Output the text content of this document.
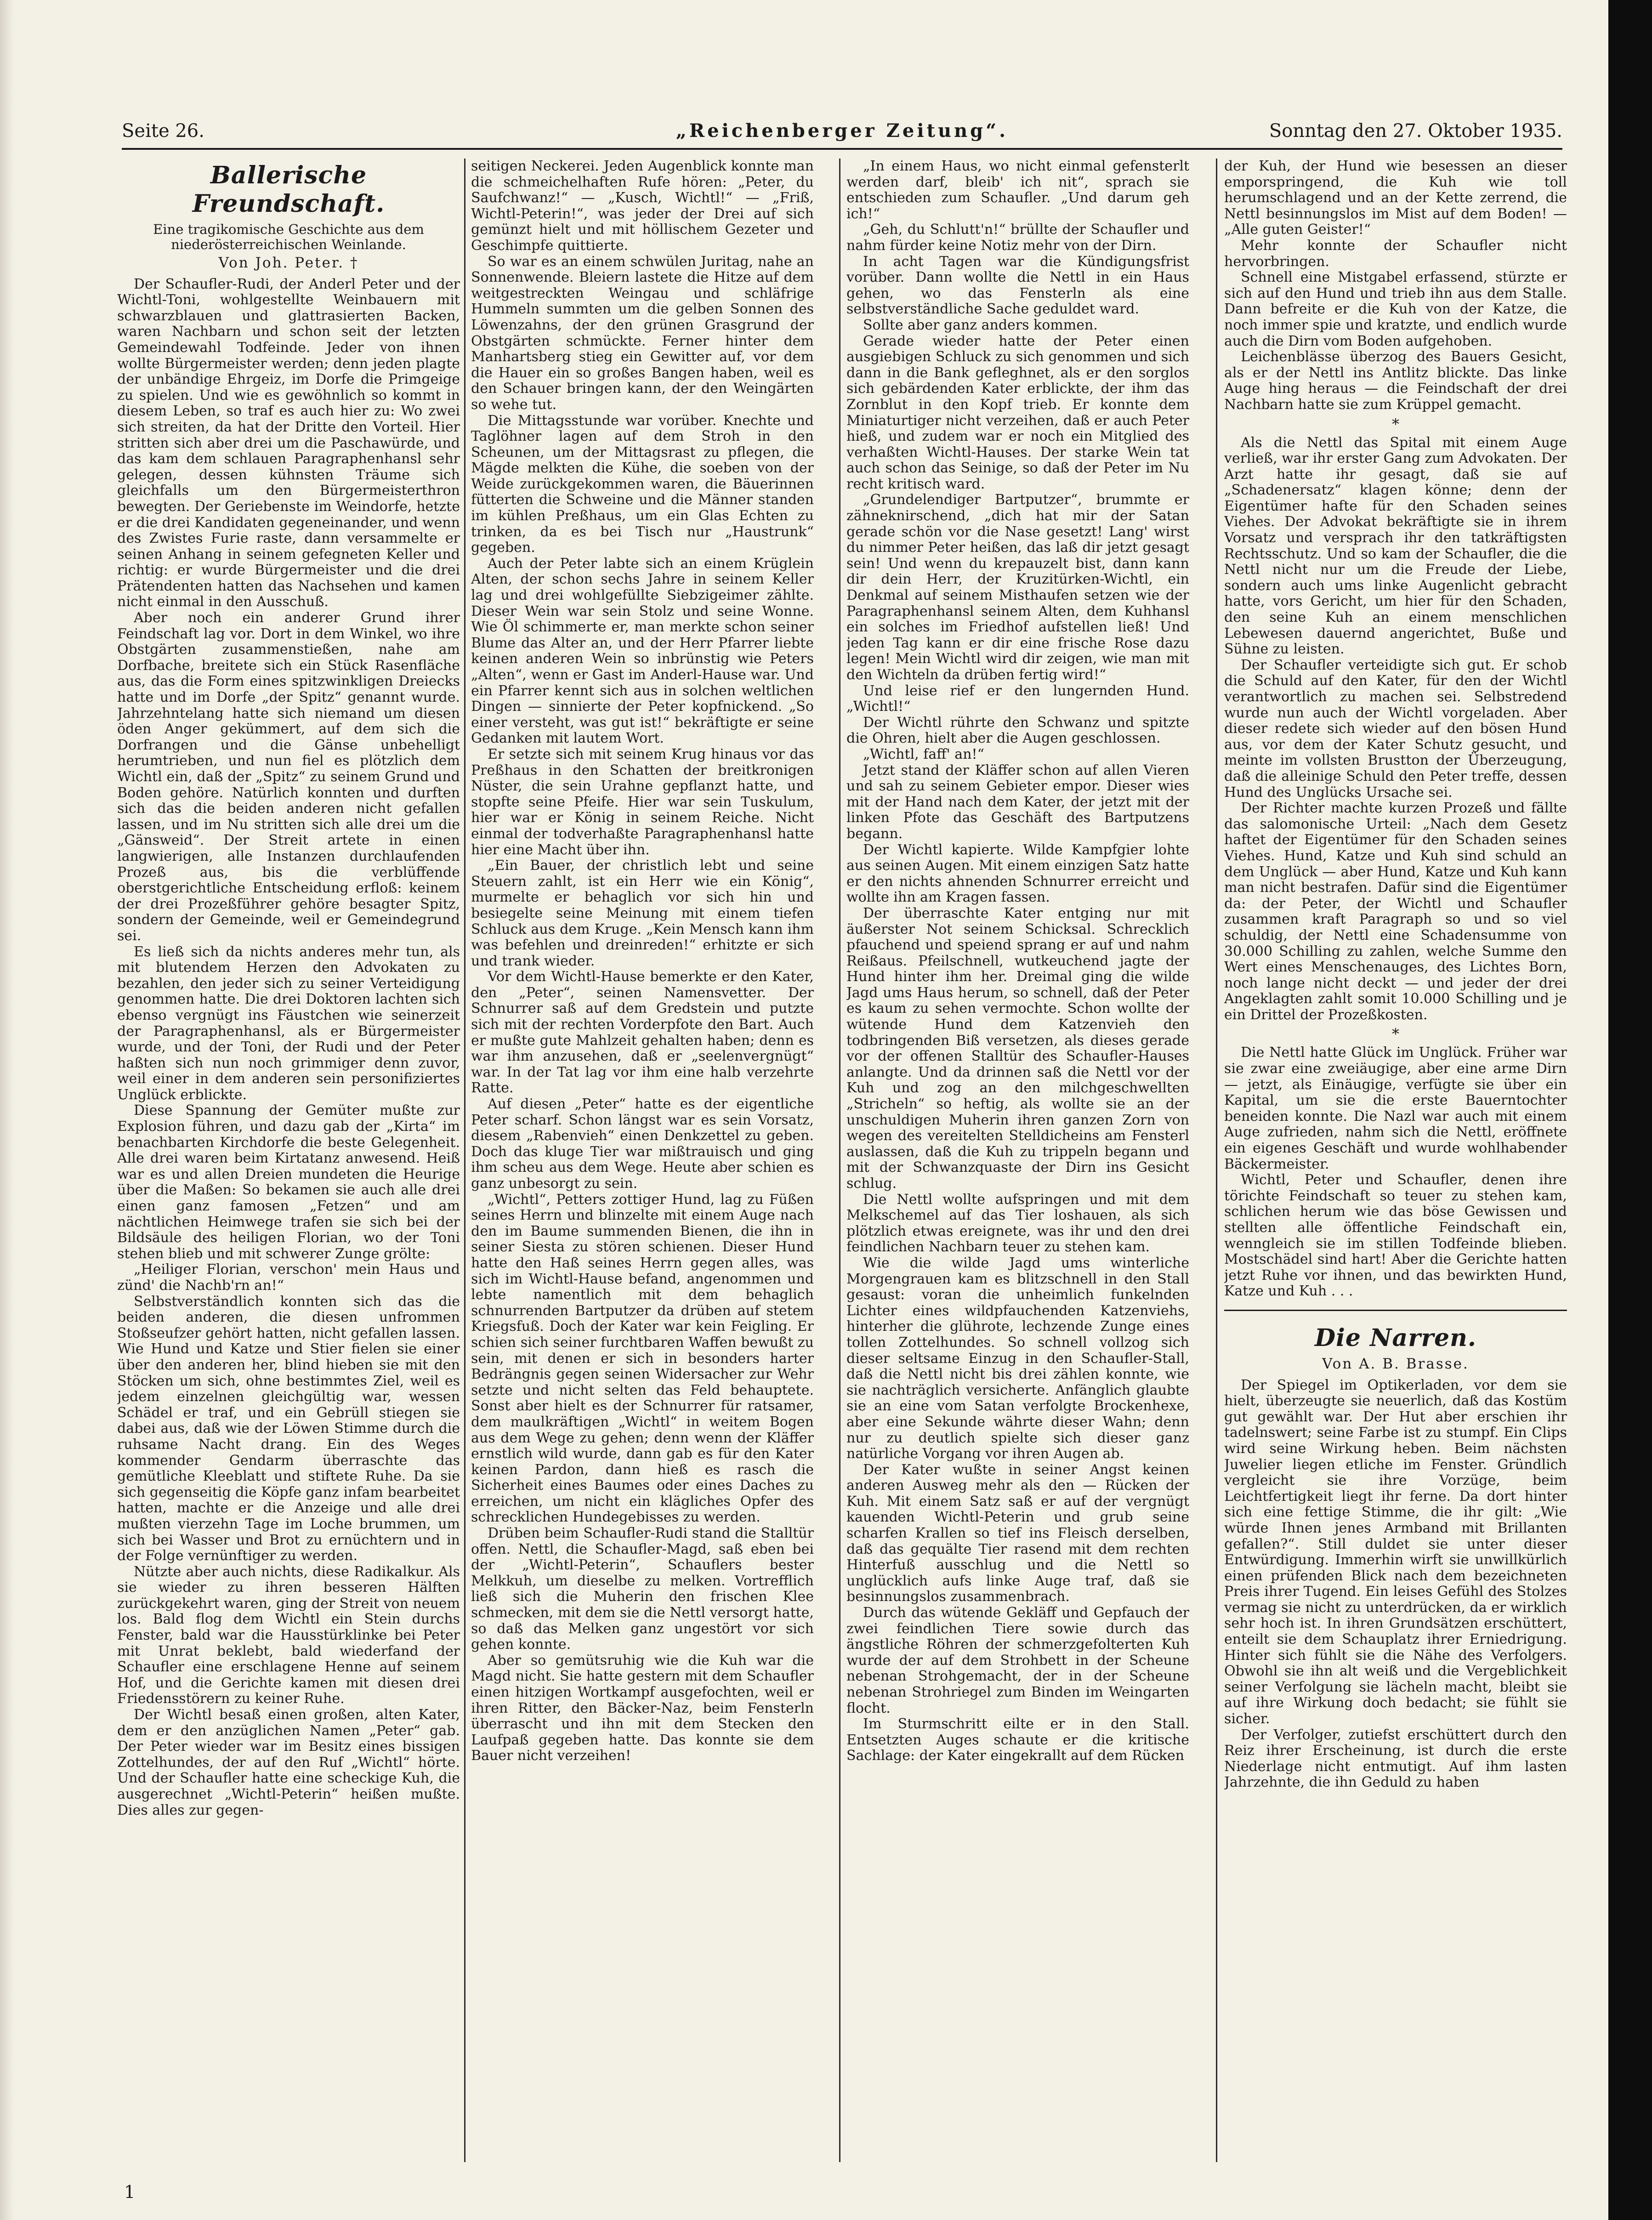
Seite 26.	„Reichenberger Zeitung“.	Sonntag den 27. Oktober 1935.
Ballerische Freundschaft.
Eine tragikomische Geschichte aus dem niederösterreichischen Weinlande.
Von Joh. Peter. †

Der Schaufler-Rudi, der Anderl Peter und der Wichtl-Toni, wohlgestellte Weinbauern mit schwarzblauen und glattrasierten Backen, waren Nachbarn und schon seit der letzten Gemeindewahl Todfeinde. Jeder von ihnen wollte Bürgermeister werden; denn jeden plagte der unbändige Ehrgeiz, im Dorfe die Primgeige zu spielen. Und wie es gewöhnlich so kommt in diesem Leben, so traf es auch hier zu: Wo zwei sich streiten, da hat der Dritte den Vorteil. Hier stritten sich aber drei um die Paschawürde, und das kam dem schlauen Paragraphenhansl sehr gelegen, dessen kühnsten Träume sich gleichfalls um den Bürgermeisterthron bewegten. Der Geriebenste im Weindorfe, hetzte er die drei Kandidaten gegeneinander, und wenn des Zwistes Furie raste, dann versammelte er seinen Anhang in seinem gefegneten Keller und richtig: er wurde Bürgermeister und die drei Prätendenten hatten das Nachsehen und kamen nicht einmal in den Ausschuß.

Aber noch ein anderer Grund ihrer Feindschaft lag vor. Dort in dem Winkel, wo ihre Obstgärten zusammenstießen, nahe am Dorfbache, breitete sich ein Stück Rasenfläche aus, das die Form eines spitzwinkligen Dreiecks hatte und im Dorfe „der Spitz“ genannt wurde. Jahrzehntelang hatte sich niemand um diesen öden Anger gekümmert, auf dem sich die Dorfrangen und die Gänse unbehelligt herumtrieben, und nun fiel es plötzlich dem Wichtl ein, daß der „Spitz“ zu seinem Grund und Boden gehöre. Natürlich konnten und durften sich das die beiden anderen nicht gefallen lassen, und im Nu stritten sich alle drei um die „Gänsweid“. Der Streit artete in einen langwierigen, alle Instanzen durchlaufenden Prozeß aus, bis die verblüffende oberstgerichtliche Entscheidung erfloß: keinem der drei Prozeßführer gehöre besagter Spitz, sondern der Gemeinde, weil er Gemeindegrund sei.

Es ließ sich da nichts anderes mehr tun, als mit blutendem Herzen den Advokaten zu bezahlen, den jeder sich zu seiner Verteidigung genommen hatte. Die drei Doktoren lachten sich ebenso vergnügt ins Fäustchen wie seinerzeit der Paragraphenhansl, als er Bürgermeister wurde, und der Toni, der Rudi und der Peter haßten sich nun noch grimmiger denn zuvor, weil einer in dem anderen sein personifiziertes Unglück erblickte.

Diese Spannung der Gemüter mußte zur Explosion führen, und dazu gab der „Kirta“ im benachbarten Kirchdorfe die beste Gelegenheit. Alle drei waren beim Kirtatanz anwesend. Heiß war es und allen Dreien mundeten die Heurige über die Maßen: So bekamen sie auch alle drei einen ganz famosen „Fetzen“ und am nächtlichen Heimwege trafen sie sich bei der Bildsäule des heiligen Florian, wo der Toni stehen blieb und mit schwerer Zunge grölte:

„Heiliger Florian, verschon' mein Haus und zünd' die Nachb'rn an!“

Selbstverständlich konnten sich das die beiden anderen, die diesen unfrommen Stoßseufzer gehört hatten, nicht gefallen lassen. Wie Hund und Katze und Stier fielen sie einer über den anderen her, blind hieben sie mit den Stöcken um sich, ohne bestimmtes Ziel, weil es jedem einzelnen gleichgültig war, wessen Schädel er traf, und ein Gebrüll stiegen sie dabei aus, daß wie der Löwen Stimme durch die ruhsame Nacht drang. Ein des Weges kommender Gendarm überraschte das gemütliche Kleeblatt und stiftete Ruhe. Da sie sich gegenseitig die Köpfe ganz infam bearbeitet hatten, machte er die Anzeige und alle drei mußten vierzehn Tage im Loche brummen, um sich bei Wasser und Brot zu ernüchtern und in der Folge vernünftiger zu werden.

Nützte aber auch nichts, diese Radikalkur. Als sie wieder zu ihren besseren Hälften zurückgekehrt waren, ging der Streit von neuem los. Bald flog dem Wichtl ein Stein durchs Fenster, bald war die Hausstürklinke bei Peter mit Unrat beklebt, bald wiederfand der Schaufler eine erschlagene Henne auf seinem Hof, und die Gerichte kamen mit diesen drei Friedensstörern zu keiner Ruhe.

Der Wichtl besaß einen großen, alten Kater, dem er den anzüglichen Namen „Peter“ gab. Der Peter wieder war im Besitz eines bissigen Zottelhundes, der auf den Ruf „Wichtl“ hörte. Und der Schaufler hatte eine scheckige Kuh, die ausgerechnet „Wichtl-Peterin“ heißen mußte. Dies alles zur gegen-

seitigen Neckerei. Jeden Augenblick konnte man die schmeichelhaften Rufe hören: „Peter, du Saufchwanz!“ — „Kusch, Wichtl!“ — „Friß, Wichtl-Peterin!“, was jeder der Drei auf sich gemünzt hielt und mit höllischem Gezeter und Geschimpfe quittierte.

So war es an einem schwülen Juritag, nahe an Sonnenwende. Bleiern lastete die Hitze auf dem weitgestreckten Weingau und schläfrige Hummeln summten um die gelben Sonnen des Löwenzahns, der den grünen Grasgrund der Obstgärten schmückte. Ferner hinter dem Manhartsberg stieg ein Gewitter auf, vor dem die Hauer ein so großes Bangen haben, weil es den Schauer bringen kann, der den Weingärten so wehe tut.

Die Mittagsstunde war vorüber. Knechte und Taglöhner lagen auf dem Stroh in den Scheunen, um der Mittagsrast zu pflegen, die Mägde melkten die Kühe, die soeben von der Weide zurückgekommen waren, die Bäuerinnen fütterten die Schweine und die Männer standen im kühlen Preßhaus, um ein Glas Echten zu trinken, da es bei Tisch nur „Haustrunk“ gegeben.

Auch der Peter labte sich an einem Krüglein Alten, der schon sechs Jahre in seinem Keller lag und drei wohlgefüllte Siebzigeimer zählte. Dieser Wein war sein Stolz und seine Wonne. Wie Öl schimmerte er, man merkte schon seiner Blume das Alter an, und der Herr Pfarrer liebte keinen anderen Wein so inbrünstig wie Peters „Alten“, wenn er Gast im Anderl-Hause war. Und ein Pfarrer kennt sich aus in solchen weltlichen Dingen — sinnierte der Peter kopfnickend. „So einer versteht, was gut ist!“ bekräftigte er seine Gedanken mit lautem Wort.

Er setzte sich mit seinem Krug hinaus vor das Preßhaus in den Schatten der breitkronigen Nüster, die sein Urahne gepflanzt hatte, und stopfte seine Pfeife. Hier war sein Tuskulum, hier war er König in seinem Reiche. Nicht einmal der todverhaßte Paragraphenhansl hatte hier eine Macht über ihn.

„Ein Bauer, der christlich lebt und seine Steuern zahlt, ist ein Herr wie ein König“, murmelte er behaglich vor sich hin und besiegelte seine Meinung mit einem tiefen Schluck aus dem Kruge. „Kein Mensch kann ihm was befehlen und dreinreden!“ erhitzte er sich und trank wieder.

Vor dem Wichtl-Hause bemerkte er den Kater, den „Peter“, seinen Namensvetter. Der Schnurrer saß auf dem Gredstein und putzte sich mit der rechten Vorderpfote den Bart. Auch er mußte gute Mahlzeit gehalten haben; denn es war ihm anzusehen, daß er „seelenvergnügt“ war. In der Tat lag vor ihm eine halb verzehrte Ratte.

Auf diesen „Peter“ hatte es der eigentliche Peter scharf. Schon längst war es sein Vorsatz, diesem „Rabenvieh“ einen Denkzettel zu geben. Doch das kluge Tier war mißtrauisch und ging ihm scheu aus dem Wege. Heute aber schien es ganz unbesorgt zu sein.

„Wichtl“, Petters zottiger Hund, lag zu Füßen seines Herrn und blinzelte mit einem Auge nach den im Baume summenden Bienen, die ihn in seiner Siesta zu stören schienen. Dieser Hund hatte den Haß seines Herrn gegen alles, was sich im Wichtl-Hause befand, angenommen und lebte namentlich mit dem behaglich schnurrenden Bartputzer da drüben auf stetem Kriegsfuß. Doch der Kater war kein Feigling. Er schien sich seiner furchtbaren Waffen bewußt zu sein, mit denen er sich in besonders harter Bedrängnis gegen seinen Widersacher zur Wehr setzte und nicht selten das Feld behauptete. Sonst aber hielt es der Schnurrer für ratsamer, dem maulkräftigen „Wichtl“ in weitem Bogen aus dem Wege zu gehen; denn wenn der Kläffer ernstlich wild wurde, dann gab es für den Kater keinen Pardon, dann hieß es rasch die Sicherheit eines Baumes oder eines Daches zu erreichen, um nicht ein klägliches Opfer des schrecklichen Hundegebisses zu werden.

Drüben beim Schaufler-Rudi stand die Stalltür offen. Nettl, die Schaufler-Magd, saß eben bei der „Wichtl-Peterin“, Schauflers bester Melkkuh, um dieselbe zu melken. Vortrefflich ließ sich die Muherin den frischen Klee schmecken, mit dem sie die Nettl versorgt hatte, so daß das Melken ganz ungestört vor sich gehen konnte.

Aber so gemütsruhig wie die Kuh war die Magd nicht. Sie hatte gestern mit dem Schaufler einen hitzigen Wortkampf ausgefochten, weil er ihren Ritter, den Bäcker-Naz, beim Fensterln überrascht und ihn mit dem Stecken den Laufpaß gegeben hatte. Das konnte sie dem Bauer nicht verzeihen!

„In einem Haus, wo nicht einmal gefensterlt werden darf, bleib' ich nit“, sprach sie entschieden zum Schaufler. „Und darum geh ich!“

„Geh, du Schlutt'n!“ brüllte der Schaufler und nahm fürder keine Notiz mehr von der Dirn.

In acht Tagen war die Kündigungsfrist vorüber. Dann wollte die Nettl in ein Haus gehen, wo das Fensterln als eine selbstverständliche Sache geduldet ward.

Sollte aber ganz anders kommen.

Gerade wieder hatte der Peter einen ausgiebigen Schluck zu sich genommen und sich dann in die Bank gefleghnet, als er den sorglos sich gebärdenden Kater erblickte, der ihm das Zornblut in den Kopf trieb. Er konnte dem Miniaturtiger nicht verzeihen, daß er auch Peter hieß, und zudem war er noch ein Mitglied des verhaßten Wichtl-Hauses. Der starke Wein tat auch schon das Seinige, so daß der Peter im Nu recht kritisch ward.

„Grundelendiger Bartputzer“, brummte er zähneknirschend, „dich hat mir der Satan gerade schön vor die Nase gesetzt! Lang' wirst du nimmer Peter heißen, das laß dir jetzt gesagt sein! Und wenn du krepauzelt bist, dann kann dir dein Herr, der Kruzitürken-Wichtl, ein Denkmal auf seinem Misthaufen setzen wie der Paragraphenhansl seinem Alten, dem Kuhhansl ein solches im Friedhof aufstellen ließ! Und jeden Tag kann er dir eine frische Rose dazu legen! Mein Wichtl wird dir zeigen, wie man mit den Wichteln da drüben fertig wird!“

Und leise rief er den lungernden Hund. „Wichtl!“

Der Wichtl rührte den Schwanz und spitzte die Ohren, hielt aber die Augen geschlossen.

„Wichtl, faff' an!“

Jetzt stand der Kläffer schon auf allen Vieren und sah zu seinem Gebieter empor. Dieser wies mit der Hand nach dem Kater, der jetzt mit der linken Pfote das Geschäft des Bartputzens begann.

Der Wichtl kapierte. Wilde Kampfgier lohte aus seinen Augen. Mit einem einzigen Satz hatte er den nichts ahnenden Schnurrer erreicht und wollte ihn am Kragen fassen.

Der überraschte Kater entging nur mit äußerster Not seinem Schicksal. Schrecklich pfauchend und speiend sprang er auf und nahm Reißaus. Pfeilschnell, wutkeuchend jagte der Hund hinter ihm her. Dreimal ging die wilde Jagd ums Haus herum, so schnell, daß der Peter es kaum zu sehen vermochte. Schon wollte der wütende Hund dem Katzenvieh den todbringenden Biß versetzen, als dieses gerade vor der offenen Stalltür des Schaufler-Hauses anlangte. Und da drinnen saß die Nettl vor der Kuh und zog an den milchgeschwellten „Stricheln“ so heftig, als wollte sie an der unschuldigen Muherin ihren ganzen Zorn von wegen des vereitelten Stelldicheins am Fensterl auslassen, daß die Kuh zu trippeln begann und mit der Schwanzquaste der Dirn ins Gesicht schlug.

Die Nettl wollte aufspringen und mit dem Melkschemel auf das Tier loshauen, als sich plötzlich etwas ereignete, was ihr und den drei feindlichen Nachbarn teuer zu stehen kam.

Wie die wilde Jagd ums winterliche Morgengrauen kam es blitzschnell in den Stall gesaust: voran die unheimlich funkelnden Lichter eines wildpfauchenden Katzenviehs, hinterher die glührote, lechzende Zunge eines tollen Zottelhundes. So schnell vollzog sich dieser seltsame Einzug in den Schaufler-Stall, daß die Nettl nicht bis drei zählen konnte, wie sie nachträglich versicherte. Anfänglich glaubte sie an eine vom Satan verfolgte Brockenhexe, aber eine Sekunde währte dieser Wahn; denn nur zu deutlich spielte sich dieser ganz natürliche Vorgang vor ihren Augen ab.

Der Kater wußte in seiner Angst keinen anderen Ausweg mehr als den — Rücken der Kuh. Mit einem Satz saß er auf der vergnügt kauenden Wichtl-Peterin und grub seine scharfen Krallen so tief ins Fleisch derselben, daß das gequälte Tier rasend mit dem rechten Hinterfuß ausschlug und die Nettl so unglücklich aufs linke Auge traf, daß sie besinnungslos zusammenbrach.

Durch das wütende Gekläff und Gepfauch der zwei feindlichen Tiere sowie durch das ängstliche Röhren der schmerzgefolterten Kuh wurde der auf dem Strohbett in der Scheune nebenan Strohgemacht, der in der Scheune nebenan Strohriegel zum Binden im Weingarten flocht.

Im Sturmschritt eilte er in den Stall. Entsetzten Auges schaute er die kritische Sachlage: der Kater eingekrallt auf dem Rücken

der Kuh, der Hund wie besessen an dieser emporspringend, die Kuh wie toll herumschlagend und an der Kette zerrend, die Nettl besinnungslos im Mist auf dem Boden! — „Alle guten Geister!“

Mehr konnte der Schaufler nicht hervorbringen.

Schnell eine Mistgabel erfassend, stürzte er sich auf den Hund und trieb ihn aus dem Stalle. Dann befreite er die Kuh von der Katze, die noch immer spie und kratzte, und endlich wurde auch die Dirn vom Boden aufgehoben.

Leichenblässe überzog des Bauers Gesicht, als er der Nettl ins Antlitz blickte. Das linke Auge hing heraus — die Feindschaft der drei Nachbarn hatte sie zum Krüppel gemacht.

*

Als die Nettl das Spital mit einem Auge verließ, war ihr erster Gang zum Advokaten. Der Arzt hatte ihr gesagt, daß sie auf „Schadenersatz“ klagen könne; denn der Eigentümer hafte für den Schaden seines Viehes. Der Advokat bekräftigte sie in ihrem Vorsatz und versprach ihr den tatkräftigsten Rechtsschutz. Und so kam der Schaufler, die die Nettl nicht nur um die Freude der Liebe, sondern auch ums linke Augenlicht gebracht hatte, vors Gericht, um hier für den Schaden, den seine Kuh an einem menschlichen Lebewesen dauernd angerichtet, Buße und Sühne zu leisten.

Der Schaufler verteidigte sich gut. Er schob die Schuld auf den Kater, für den der Wichtl verantwortlich zu machen sei. Selbstredend wurde nun auch der Wichtl vorgeladen. Aber dieser redete sich wieder auf den bösen Hund aus, vor dem der Kater Schutz gesucht, und meinte im vollsten Brustton der Überzeugung, daß die alleinige Schuld den Peter treffe, dessen Hund des Unglücks Ursache sei.

Der Richter machte kurzen Prozeß und fällte das salomonische Urteil: „Nach dem Gesetz haftet der Eigentümer für den Schaden seines Viehes. Hund, Katze und Kuh sind schuld an dem Unglück — aber Hund, Katze und Kuh kann man nicht bestrafen. Dafür sind die Eigentümer da: der Peter, der Wichtl und Schaufler zusammen kraft Paragraph so und so viel schuldig, der Nettl eine Schadensumme von 30.000 Schilling zu zahlen, welche Summe den Wert eines Menschenauges, des Lichtes Born, noch lange nicht deckt — und jeder der drei Angeklagten zahlt somit 10.000 Schilling und je ein Drittel der Prozeßkosten.

*

Die Nettl hatte Glück im Unglück. Früher war sie zwar eine zweiäugige, aber eine arme Dirn — jetzt, als Einäugige, verfügte sie über ein Kapital, um sie die erste Bauerntochter beneiden konnte. Die Nazl war auch mit einem Auge zufrieden, nahm sich die Nettl, eröffnete ein eigenes Geschäft und wurde wohlhabender Bäckermeister.

Wichtl, Peter und Schaufler, denen ihre törichte Feindschaft so teuer zu stehen kam, schlichen herum wie das böse Gewissen und stellten alle öffentliche Feindschaft ein, wenngleich sie im stillen Todfeinde blieben. Mostschädel sind hart! Aber die Gerichte hatten jetzt Ruhe vor ihnen, und das bewirkten Hund, Katze und Kuh . . .

Die Narren.
Von A. B. Brasse.

Der Spiegel im Optikerladen, vor dem sie hielt, überzeugte sie neuerlich, daß das Kostüm gut gewählt war. Der Hut aber erschien ihr tadelnswert; seine Farbe ist zu stumpf. Ein Clips wird seine Wirkung heben. Beim nächsten Juwelier liegen etliche im Fenster. Gründlich vergleicht sie ihre Vorzüge, beim Leichtfertigkeit liegt ihr ferne. Da dort hinter sich eine fettige Stimme, die ihr gilt: „Wie würde Ihnen jenes Armband mit Brillanten gefallen?“. Still duldet sie unter dieser Entwürdigung. Immerhin wirft sie unwillkürlich einen prüfenden Blick nach dem bezeichneten Preis ihrer Tugend. Ein leises Gefühl des Stolzes vermag sie nicht zu unterdrücken, da er wirklich sehr hoch ist. In ihren Grundsätzen erschüttert, enteilt sie dem Schauplatz ihrer Erniedrigung. Hinter sich fühlt sie die Nähe des Verfolgers. Obwohl sie ihn alt weiß und die Vergeblichkeit seiner Verfolgung sie lächeln macht, bleibt sie auf ihre Wirkung doch bedacht; sie fühlt sie sicher.

Der Verfolger, zutiefst erschüttert durch den Reiz ihrer Erscheinung, ist durch die erste Niederlage nicht entmutigt. Auf ihm lasten Jahrzehnte, die ihn Geduld zu haben

1
